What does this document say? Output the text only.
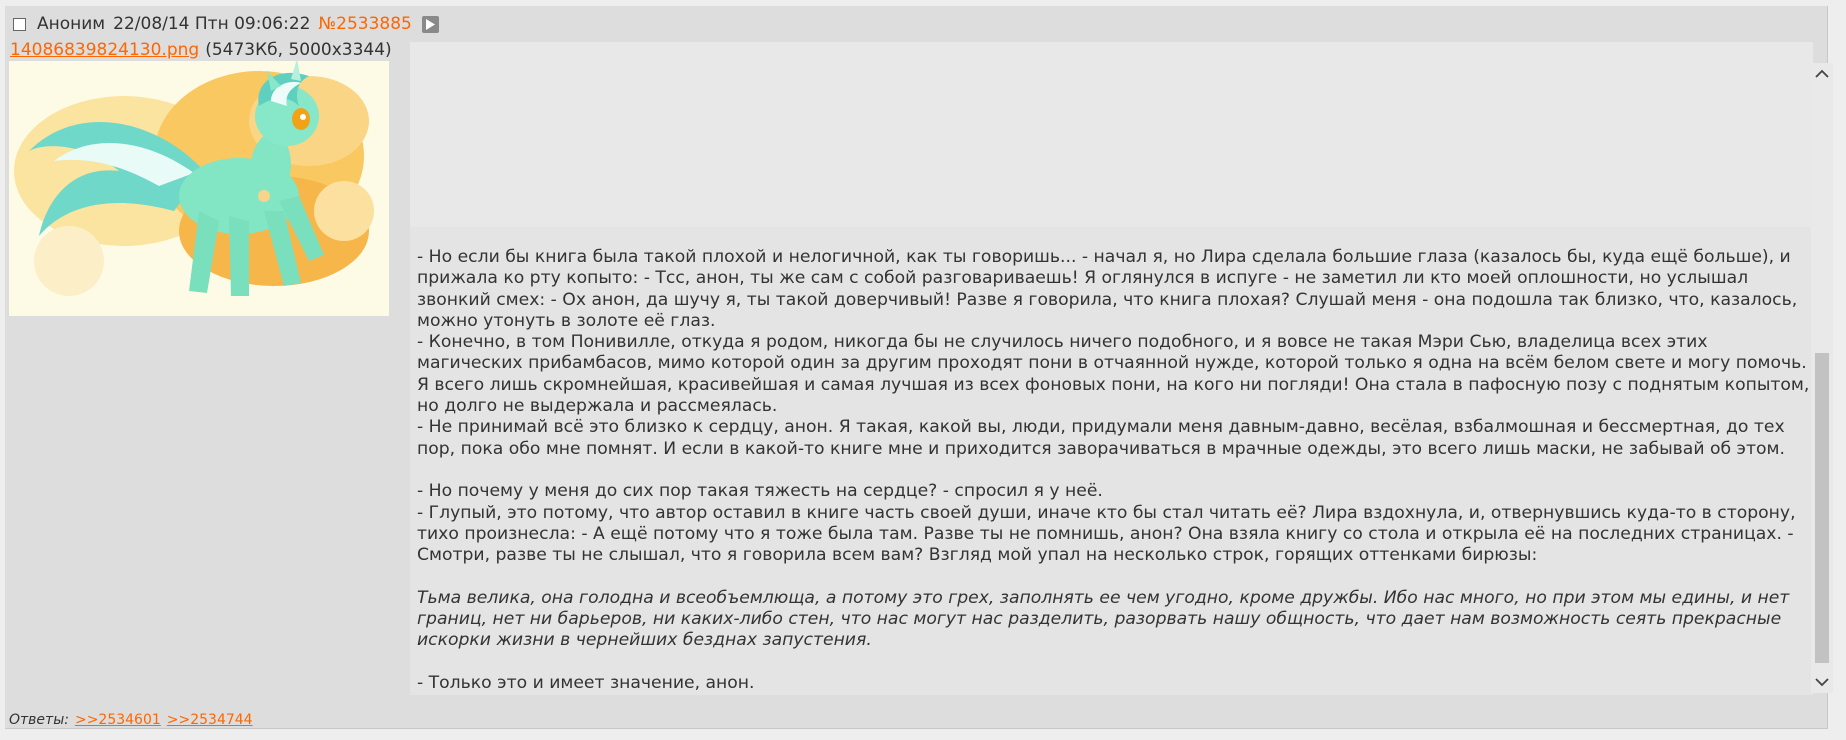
Аноним 22/08/14 Птн 09:06:22 №2533885
14086839824130.png (5473Кб, 5000x3344)

- Но если бы книга была такой плохой и нелогичной, как ты говоришь... - начал я, но Лира сделала большие глаза (казалось бы, куда ещё больше), и прижала ко рту копыто: - Тсс, анон, ты же сам с собой разговариваешь! Я оглянулся в испуге - не заметил ли кто моей оплошности, но услышал звонкий смех: - Ох анон, да шучу я, ты такой доверчивый! Разве я говорила, что книга плохая? Слушай меня - она подошла так близко, что, казалось, можно утонуть в золоте её глаз.

- Конечно, в том Понивилле, откуда я родом, никогда бы не случилось ничего подобного, и я вовсе не такая Мэри Сью, владелица всех этих магических прибамбасов, мимо которой один за другим проходят пони в отчаянной нужде, которой только я одна на всём белом свете и могу помочь. Я всего лишь скромнейшая, красивейшая и самая лучшая из всех фоновых пони, на кого ни погляди! Она стала в пафосную позу с поднятым копытом, но долго не выдержала и рассмеялась.

- Не принимай всё это близко к сердцу, анон. Я такая, какой вы, люди, придумали меня давным-давно, весёлая, взбалмошная и бессмертная, до тех пор, пока обо мне помнят. И если в какой-то книге мне и приходится заворачиваться в мрачные одежды, это всего лишь маски, не забывай об этом.

- Но почему у меня до сих пор такая тяжесть на сердце? - спросил я у неё.

- Глупый, это потому, что автор оставил в книге часть своей души, иначе кто бы стал читать её? Лира вздохнула, и, отвернувшись куда-то в сторону, тихо произнесла: - А ещё потому что я тоже была там. Разве ты не помнишь, анон? Она взяла книгу со стола и открыла её на последних страницах. - Смотри, разве ты не слышал, что я говорила всем вам? Взгляд мой упал на несколько строк, горящих оттенками бирюзы:

Тьма велика, она голодна и всеобъемлюща, а потому это грех, заполнять ее чем угодно, кроме дружбы. Ибо нас много, но при этом мы едины, и нет границ, нет ни барьеров, ни каких-либо стен, что нас могут нас разделить, разорвать нашу общность, что дает нам возможность сеять прекрасные искорки жизни в чернейших безднах запустения.

- Только это и имеет значение, анон.

Ответы: >>2534601 >>2534744
